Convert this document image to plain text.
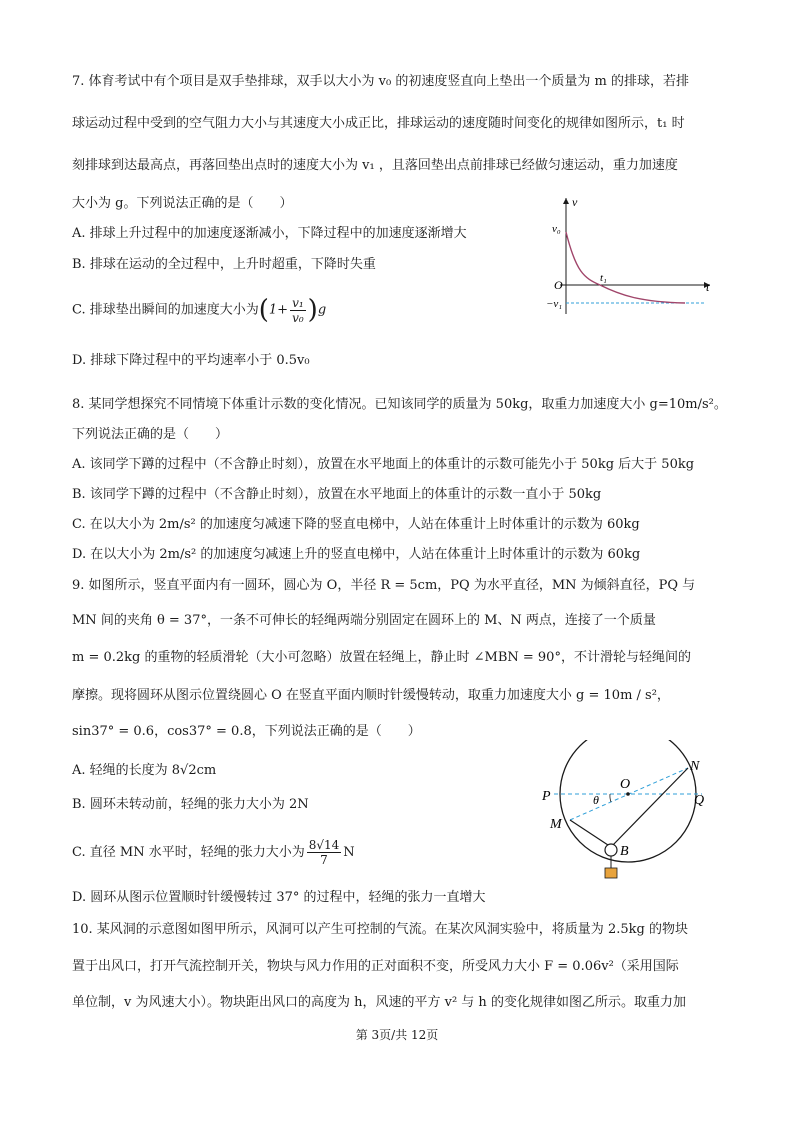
7. 体育考试中有个项目是双手垫排球，双手以大小为 v₀ 的初速度竖直向上垫出一个质量为 m 的排球，若排
球运动过程中受到的空气阻力大小与其速度大小成正比，排球运动的速度随时间变化的规律如图所示，t₁ 时
刻排球到达最高点，再落回垫出点时的速度大小为 v₁ ，且落回垫出点前排球已经做匀速运动，重力加速度
大小为 g。下列说法正确的是（　　）
A. 排球上升过程中的加速度逐渐减小，下降过程中的加速度逐渐增大
B. 排球在运动的全过程中，上升时超重，下降时失重
C. 排球垫出瞬间的加速度大小为$(1+ \frac{\text{v₁}}{\text{v₀}} )g$
D. 排球下降过程中的平均速率小于 0.5v₀
v
t
v₀
O	t₁
−v₁
8. 某同学想探究不同情境下体重计示数的变化情况。已知该同学的质量为 50kg，取重力加速度大小 g=10m/s²。
下列说法正确的是（　　）
A. 该同学下蹲的过程中（不含静止时刻），放置在水平地面上的体重计的示数可能先小于 50kg 后大于 50kg
B. 该同学下蹲的过程中（不含静止时刻），放置在水平地面上的体重计的示数一直小于 50kg
C. 在以大小为 2m/s² 的加速度匀减速下降的竖直电梯中，人站在体重计上时体重计的示数为 60kg
D. 在以大小为 2m/s² 的加速度匀减速上升的竖直电梯中，人站在体重计上时体重计的示数为 60kg
9. 如图所示，竖直平面内有一圆环，圆心为 O，半径 R = 5cm，PQ 为水平直径，MN 为倾斜直径，PQ 与
MN 间的夹角 θ = 37°，一条不可伸长的轻绳两端分别固定在圆环上的 M、N 两点，连接了一个质量
m = 0.2kg 的重物的轻质滑轮（大小可忽略）放置在轻绳上，静止时 ∠MBN = 90°，不计滑轮与轻绳间的
摩擦。现将圆环从图示位置绕圆心 O 在竖直平面内顺时针缓慢转动，取重力加速度大小 g = 10m / s²，
sin37° = 0.6，cos37° = 0.8，下列说法正确的是（　　）
A. 轻绳的长度为 8√2cm
B. 圆环未转动前，轻绳的张力大小为 2N
C. 直径 MN 水平时，轻绳的张力大小为 $\frac{8√14}{7}$ N
D. 圆环从图示位置顺时针缓慢转过 37° 的过程中，轻绳的张力一直增大
O
N
P	Q
M
B
θ
10. 某风洞的示意图如图甲所示，风洞可以产生可控制的气流。在某次风洞实验中，将质量为 2.5kg 的物块
置于出风口，打开气流控制开关，物块与风力作用的正对面积不变，所受风力大小 F = 0.06v²（采用国际
单位制，v 为风速大小）。物块距出风口的高度为 h，风速的平方 v² 与 h 的变化规律如图乙所示。取重力加
第 3页/共 12页
